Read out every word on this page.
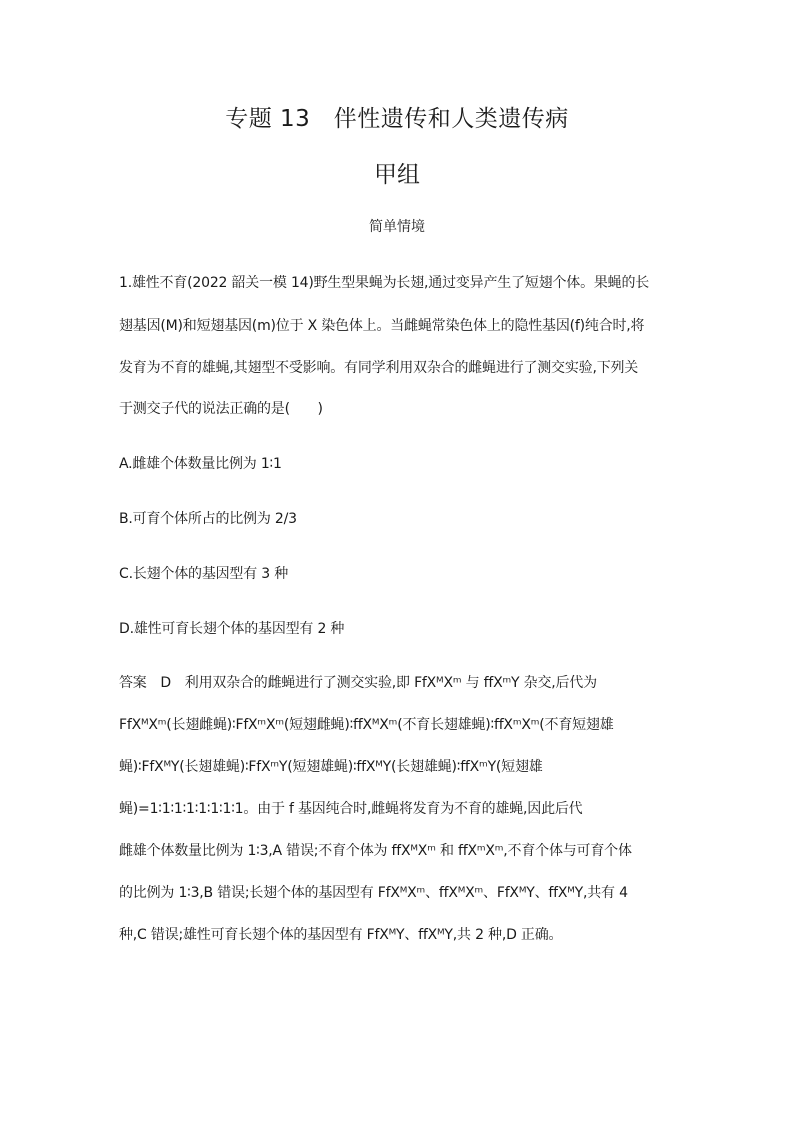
专题 13　伴性遗传和人类遗传病
甲组
简单情境
1.雄性不育(2022 韶关一模 14)野生型果蝇为长翅,通过变异产生了短翅个体。果蝇的长
翅基因(M)和短翅基因(m)位于 X 染色体上。当雌蝇常染色体上的隐性基因(f)纯合时,将
发育为不育的雄蝇,其翅型不受影响。有同学利用双杂合的雌蝇进行了测交实验,下列关
于测交子代的说法正确的是(　　)
A.雌雄个体数量比例为 1∶1
B.可育个体所占的比例为 2/3
C.长翅个体的基因型有 3 种
D.雄性可育长翅个体的基因型有 2 种
答案　D　利用双杂合的雌蝇进行了测交实验,即 FfXᴹXᵐ 与 ffXᵐY 杂交,后代为
FfXᴹXᵐ(长翅雌蝇)∶FfXᵐXᵐ(短翅雌蝇)∶ffXᴹXᵐ(不育长翅雄蝇)∶ffXᵐXᵐ(不育短翅雄
蝇)∶FfXᴹY(长翅雄蝇)∶FfXᵐY(短翅雄蝇)∶ffXᴹY(长翅雄蝇)∶ffXᵐY(短翅雄
蝇)=1∶1∶1∶1∶1∶1∶1∶1。由于 f 基因纯合时,雌蝇将发育为不育的雄蝇,因此后代
雌雄个体数量比例为 1∶3,A 错误;不育个体为 ffXᴹXᵐ 和 ffXᵐXᵐ,不育个体与可育个体
的比例为 1∶3,B 错误;长翅个体的基因型有 FfXᴹXᵐ、ffXᴹXᵐ、FfXᴹY、ffXᴹY,共有 4
种,C 错误;雄性可育长翅个体的基因型有 FfXᴹY、ffXᴹY,共 2 种,D 正确。
